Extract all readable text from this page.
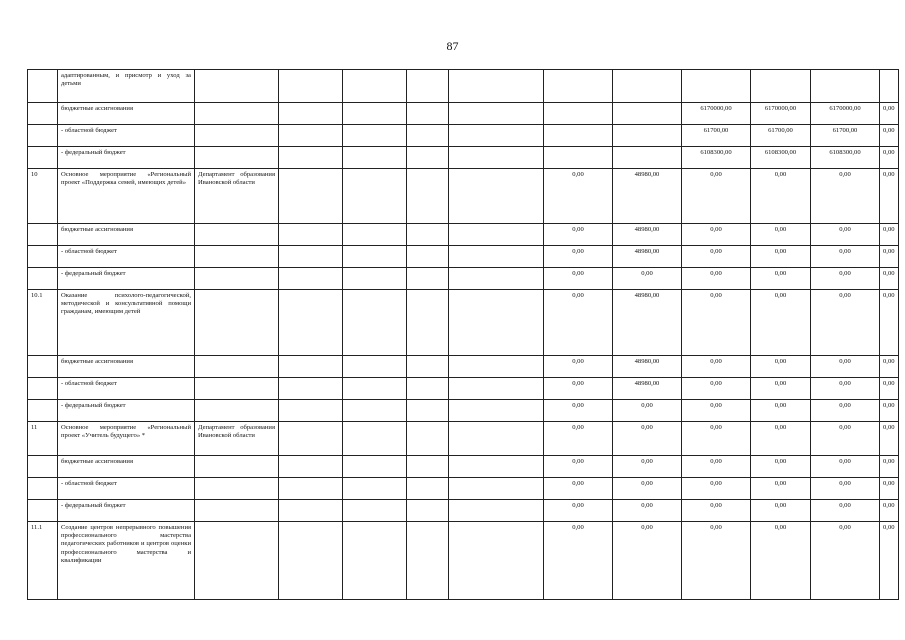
87
	адаптированным, и присмотр и уход за детьми											
	бюджетные ассигнования								6170000,00	6170000,00	6170000,00	0,00
	- областной бюджет								61700,00	61700,00	61700,00	0,00
	- федеральный бюджет								6108300,00	6108300,00	6108300,00	0,00
10	Основное мероприятие «Региональный проект «Поддержка семей, имеющих детей»	Департамент образования Ивановской области					0,00	48980,00	0,00	0,00	0,00	0,00
	бюджетные ассигнования						0,00	48980,00	0,00	0,00	0,00	0,00
	- областной бюджет						0,00	48980,00	0,00	0,00	0,00	0,00
	- федеральный бюджет						0,00	0,00	0,00	0,00	0,00	0,00
10.1	Оказание психолого-педагогической, методической и консультативной помощи гражданам, имеющим детей						0,00	48980,00	0,00	0,00	0,00	0,00
	бюджетные ассигнования						0,00	48980,00	0,00	0,00	0,00	0,00
	- областной бюджет						0,00	48980,00	0,00	0,00	0,00	0,00
	- федеральный бюджет						0,00	0,00	0,00	0,00	0,00	0,00
11	Основное мероприятие «Региональный проект «Учитель будущего» *	Департамент образования Ивановской области					0,00	0,00	0,00	0,00	0,00	0,00
	бюджетные ассигнования						0,00	0,00	0,00	0,00	0,00	0,00
	- областной бюджет						0,00	0,00	0,00	0,00	0,00	0,00
	- федеральный бюджет						0,00	0,00	0,00	0,00	0,00	0,00
11.1	Создание центров непрерывного повышения профессионального мастерства педагогических работников и центров оценки профессионального мастерства и квалификации						0,00	0,00	0,00	0,00	0,00	0,00
